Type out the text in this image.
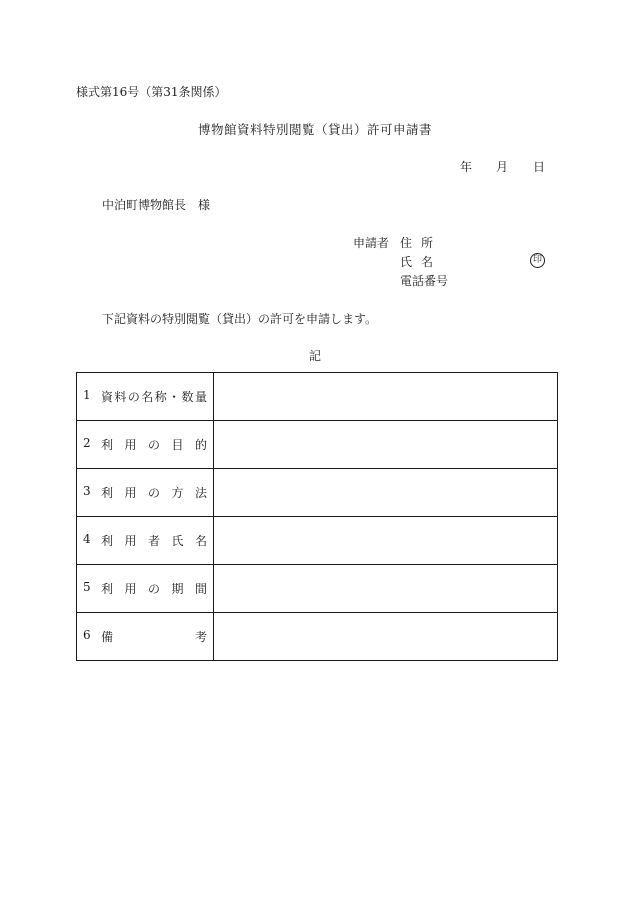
様式第16号（第31条関係）
博物館資料特別閲覧（貸出）許可申請書
年 月 日
中泊町博物館長　様
申請者 住所
氏名	印
電話番号
下記資料の特別閲覧（貸出）の許可を申請します。
記
1 資料の名称・数量	

2 利用の目的	

3 利用の方法	

4 利用者氏名	

5 利用の期間	

6 備考	
